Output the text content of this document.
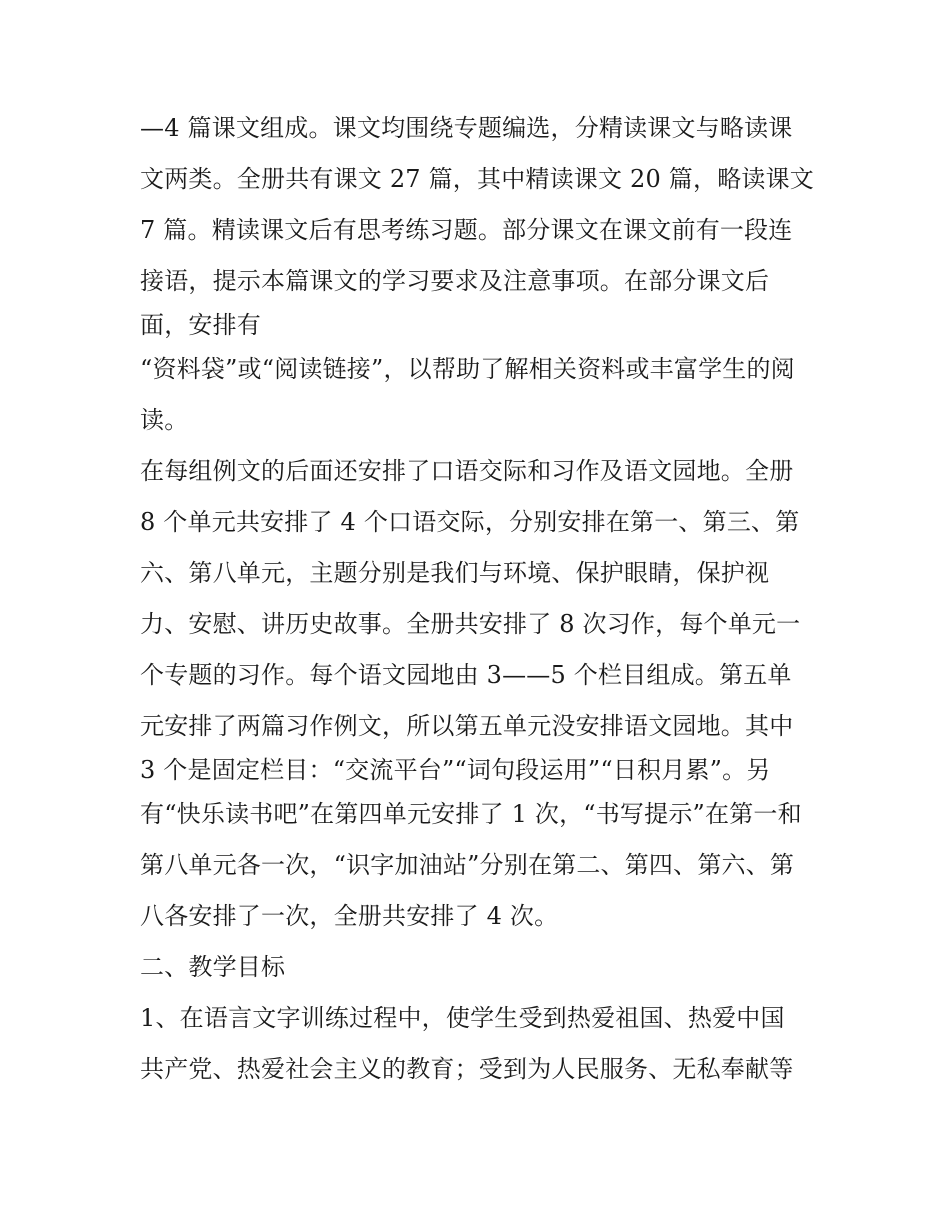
—4 篇课文组成。课文均围绕专题编选，分精读课文与略读课
文两类。全册共有课文 27 篇，其中精读课文 20 篇，略读课文
7 篇。精读课文后有思考练习题。部分课文在课文前有一段连
接语，提示本篇课文的学习要求及注意事项。在部分课文后
面，安排有
“资料袋”或“阅读链接”，以帮助了解相关资料或丰富学生的阅
读。
在每组例文的后面还安排了口语交际和习作及语文园地。全册
8 个单元共安排了 4 个口语交际，分别安排在第一、第三、第
六、第八单元，主题分别是我们与环境、保护眼睛，保护视
力、安慰、讲历史故事。全册共安排了 8 次习作，每个单元一
个专题的习作。每个语文园地由 3——5 个栏目组成。第五单
元安排了两篇习作例文，所以第五单元没安排语文园地。其中
3 个是固定栏目：“交流平台”“词句段运用”“日积月累”。另
有“快乐读书吧”在第四单元安排了 1 次，“书写提示”在第一和
第八单元各一次，“识字加油站”分别在第二、第四、第六、第
八各安排了一次，全册共安排了 4 次。
二、教学目标
1、在语言文字训练过程中，使学生受到热爱祖国、热爱中国
共产党、热爱社会主义的教育；受到为人民服务、无私奉献等
